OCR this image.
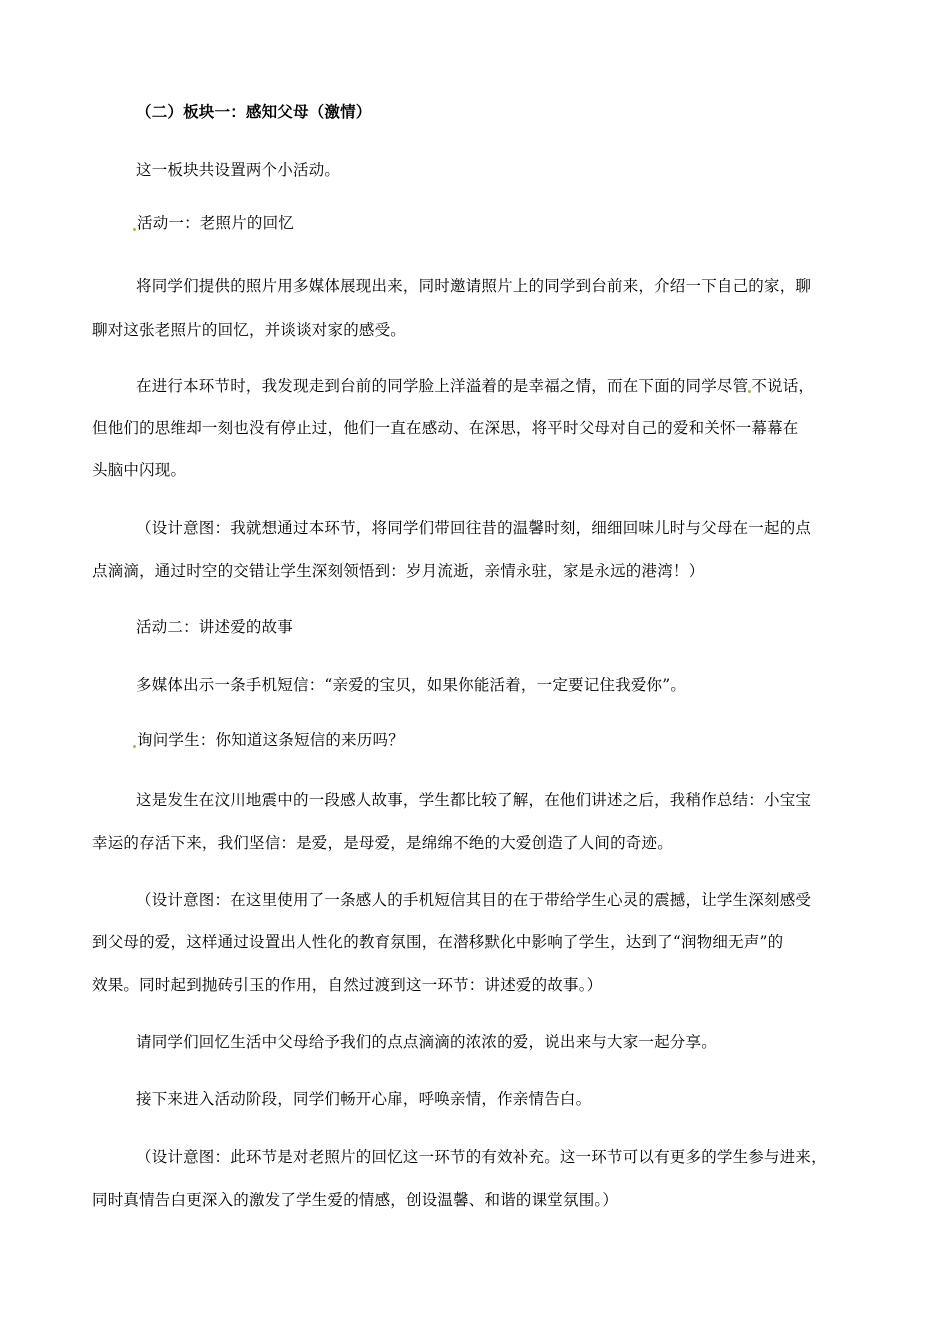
（二）板块一：感知父母（激情）
这一板块共设置两个小活动。
活动一：老照片的回忆
将同学们提供的照片用多媒体展现出来，同时邀请照片上的同学到台前来，介绍一下自己的家，聊
聊对这张老照片的回忆，并谈谈对家的感受。
在进行本环节时，我发现走到台前的同学脸上洋溢着的是幸福之情，而在下面的同学尽管 不说话，
但他们的思维却一刻也没有停止过，他们一直在感动、在深思，将平时父母对自己的爱和关怀一幕幕在
头脑中闪现。
（设计意图：我就想通过本环节，将同学们带回往昔的温馨时刻，细细回味儿时与父母在一起的点
点滴滴，通过时空的交错让学生深刻领悟到：岁月流逝，亲情永驻，家是永远的港湾！）
活动二：讲述爱的故事
多媒体出示一条手机短信：“亲爱的宝贝，如果你能活着，一定要记住我爱你”。
询问学生：你知道这条短信的来历吗？
这是发生在汶川地震中的一段感人故事，学生都比较了解，在他们讲述之后，我稍作总结：小宝宝
幸运的存活下来，我们坚信：是爱，是母爱，是绵绵不绝的大爱创造了人间的奇迹。
（设计意图：在这里使用了一条感人的手机短信其目的在于带给学生心灵的震撼，让学生深刻感受
到父母的爱，这样通过设置出人性化的教育氛围，在潜移默化中影响了学生，达到了“润物细无声”的
效果。同时起到抛砖引玉的作用，自然过渡到这一环节：讲述爱的故事。）
请同学们回忆生活中父母给予我们的点点滴滴的浓浓的爱，说出来与大家一起分享。
接下来进入活动阶段，同学们畅开心扉，呼唤亲情，作亲情告白。
（设计意图：此环节是对老照片的回忆这一环节的有效补充。这一环节可以有更多的学生参与进来，
同时真情告白更深入的激发了学生爱的情感，创设温馨、和谐的课堂氛围。）
